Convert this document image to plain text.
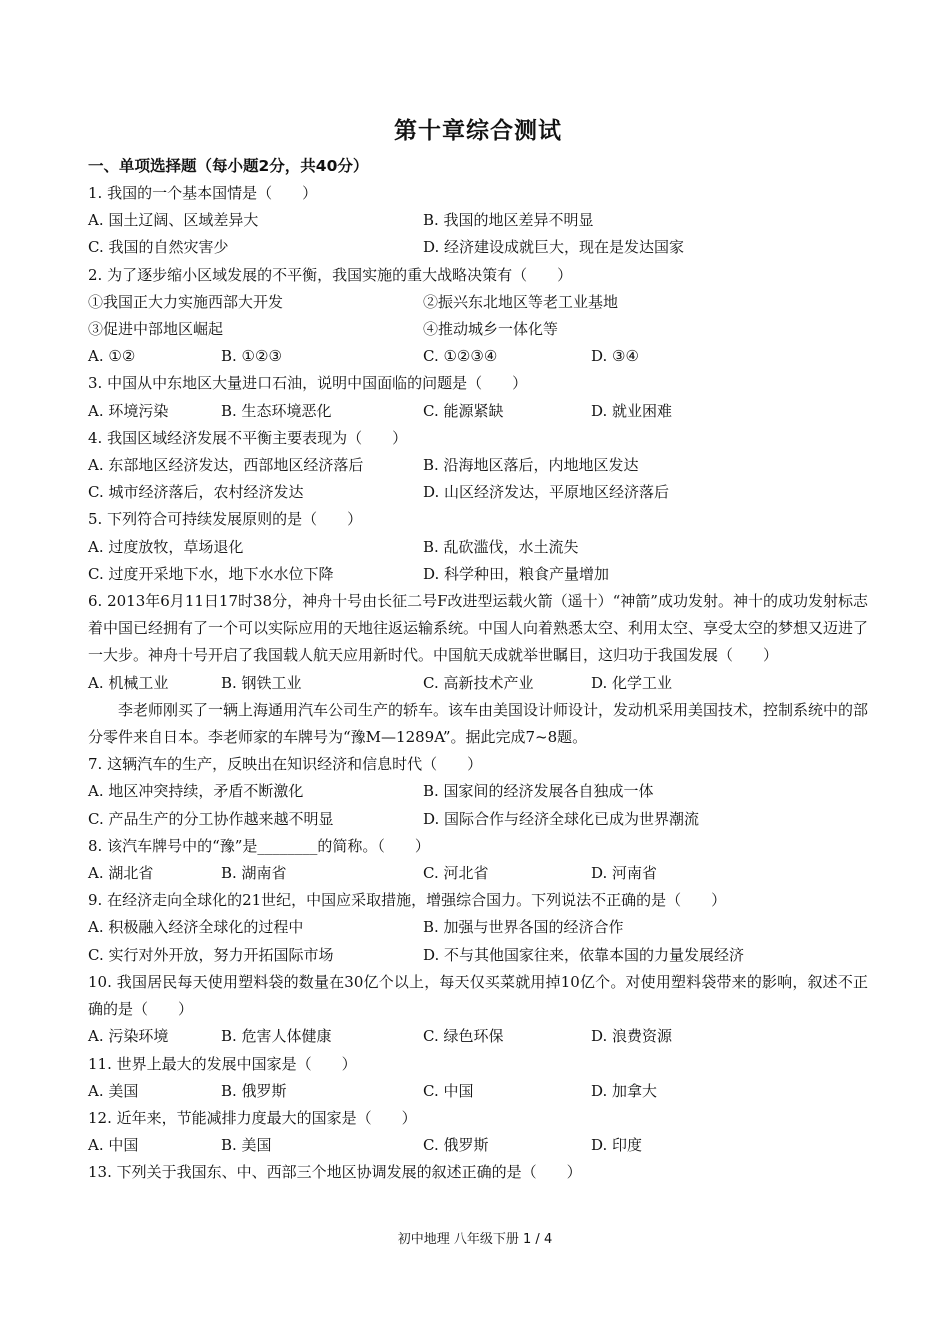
第十章综合测试

一、单项选择题（每小题2分，共40分）

1. 我国的一个基本国情是（　　）

A. 国土辽阔、区域差异大	B. 我国的地区差异不明显
C. 我国的自然灾害少	D. 经济建设成就巨大，现在是发达国家

2. 为了逐步缩小区域发展的不平衡，我国实施的重大战略决策有（　　）

①我国正大力实施西部大开发	②振兴东北地区等老工业基地
③促进中部地区崛起	④推动城乡一体化等
A. ①②	B. ①②③	C. ①②③④	D. ③④

3. 中国从中东地区大量进口石油，说明中国面临的问题是（　　）

A. 环境污染	B. 生态环境恶化	C. 能源紧缺	D. 就业困难

4. 我国区域经济发展不平衡主要表现为（　　）

A. 东部地区经济发达，西部地区经济落后	B. 沿海地区落后，内地地区发达
C. 城市经济落后，农村经济发达	D. 山区经济发达，平原地区经济落后

5. 下列符合可持续发展原则的是（　　）

A. 过度放牧，草场退化	B. 乱砍滥伐，水土流失
C. 过度开采地下水，地下水水位下降	D. 科学种田，粮食产量增加

6. 2013年6月11日17时38分，神舟十号由长征二号F改进型运载火箭（遥十）“神箭”成功发射。神十的成功发射标志着中国已经拥有了一个可以实际应用的天地往返运输系统。中国人向着熟悉太空、利用太空、享受太空的梦想又迈进了一大步。神舟十号开启了我国载人航天应用新时代。中国航天成就举世瞩目，这归功于我国发展（　　）

A. 机械工业	B. 钢铁工业	C. 高新技术产业	D. 化学工业

李老师刚买了一辆上海通用汽车公司生产的轿车。该车由美国设计师设计，发动机采用美国技术，控制系统中的部分零件来自日本。李老师家的车牌号为“豫M—1289A”。据此完成7~8题。

7. 这辆汽车的生产，反映出在知识经济和信息时代（　　）

A. 地区冲突持续，矛盾不断激化	B. 国家间的经济发展各自独成一体
C. 产品生产的分工协作越来越不明显	D. 国际合作与经济全球化已成为世界潮流

8. 该汽车牌号中的“豫”是________的简称。（　　）

A. 湖北省	B. 湖南省	C. 河北省	D. 河南省

9. 在经济走向全球化的21世纪，中国应采取措施，增强综合国力。下列说法不正确的是（　　）

A. 积极融入经济全球化的过程中	B. 加强与世界各国的经济合作
C. 实行对外开放，努力开拓国际市场	D. 不与其他国家往来，依靠本国的力量发展经济

10. 我国居民每天使用塑料袋的数量在30亿个以上，每天仅买菜就用掉10亿个。对使用塑料袋带来的影响，叙述不正确的是（　　）

A. 污染环境	B. 危害人体健康	C. 绿色环保	D. 浪费资源

11. 世界上最大的发展中国家是（　　）

A. 美国	B. 俄罗斯	C. 中国	D. 加拿大

12. 近年来，节能减排力度最大的国家是（　　）

A. 中国	B. 美国	C. 俄罗斯	D. 印度

13. 下列关于我国东、中、西部三个地区协调发展的叙述正确的是（　　）

初中地理 八年级下册 1 / 4
